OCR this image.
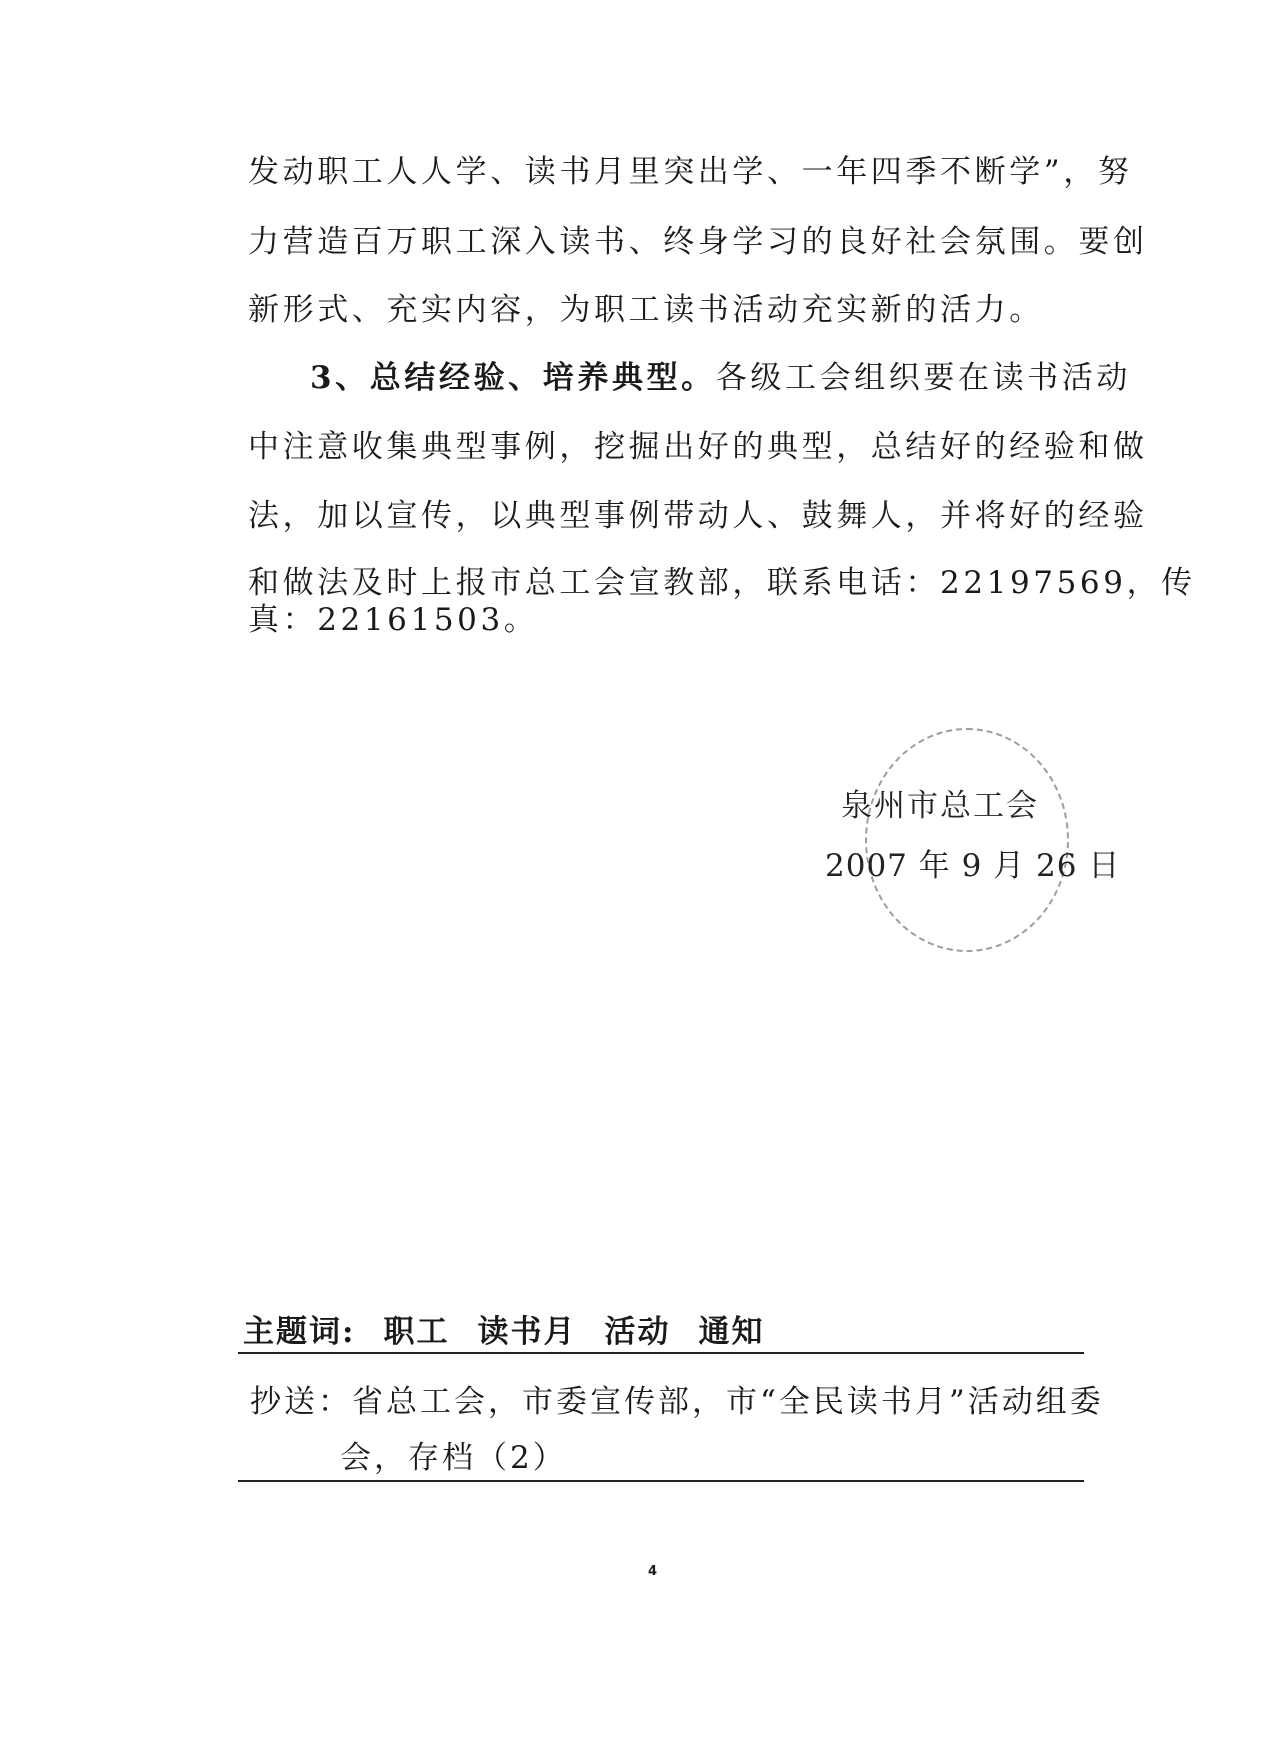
发动职工人人学、读书月里突出学、一年四季不断学”，努
力营造百万职工深入读书、终身学习的良好社会氛围。要创
新形式、充实内容，为职工读书活动充实新的活力。
3、总结经验、培养典型。各级工会组织要在读书活动
中注意收集典型事例，挖掘出好的典型，总结好的经验和做
法，加以宣传，以典型事例带动人、鼓舞人，并将好的经验
和做法及时上报市总工会宣教部，联系电话：22197569，传
真：22161503。
泉州市总工会
2007 年 9 月 26 日
主题词: 职工 读书月 活动 通知
抄送：省总工会，市委宣传部，市“全民读书月”活动组委
会，存档（2）
4
